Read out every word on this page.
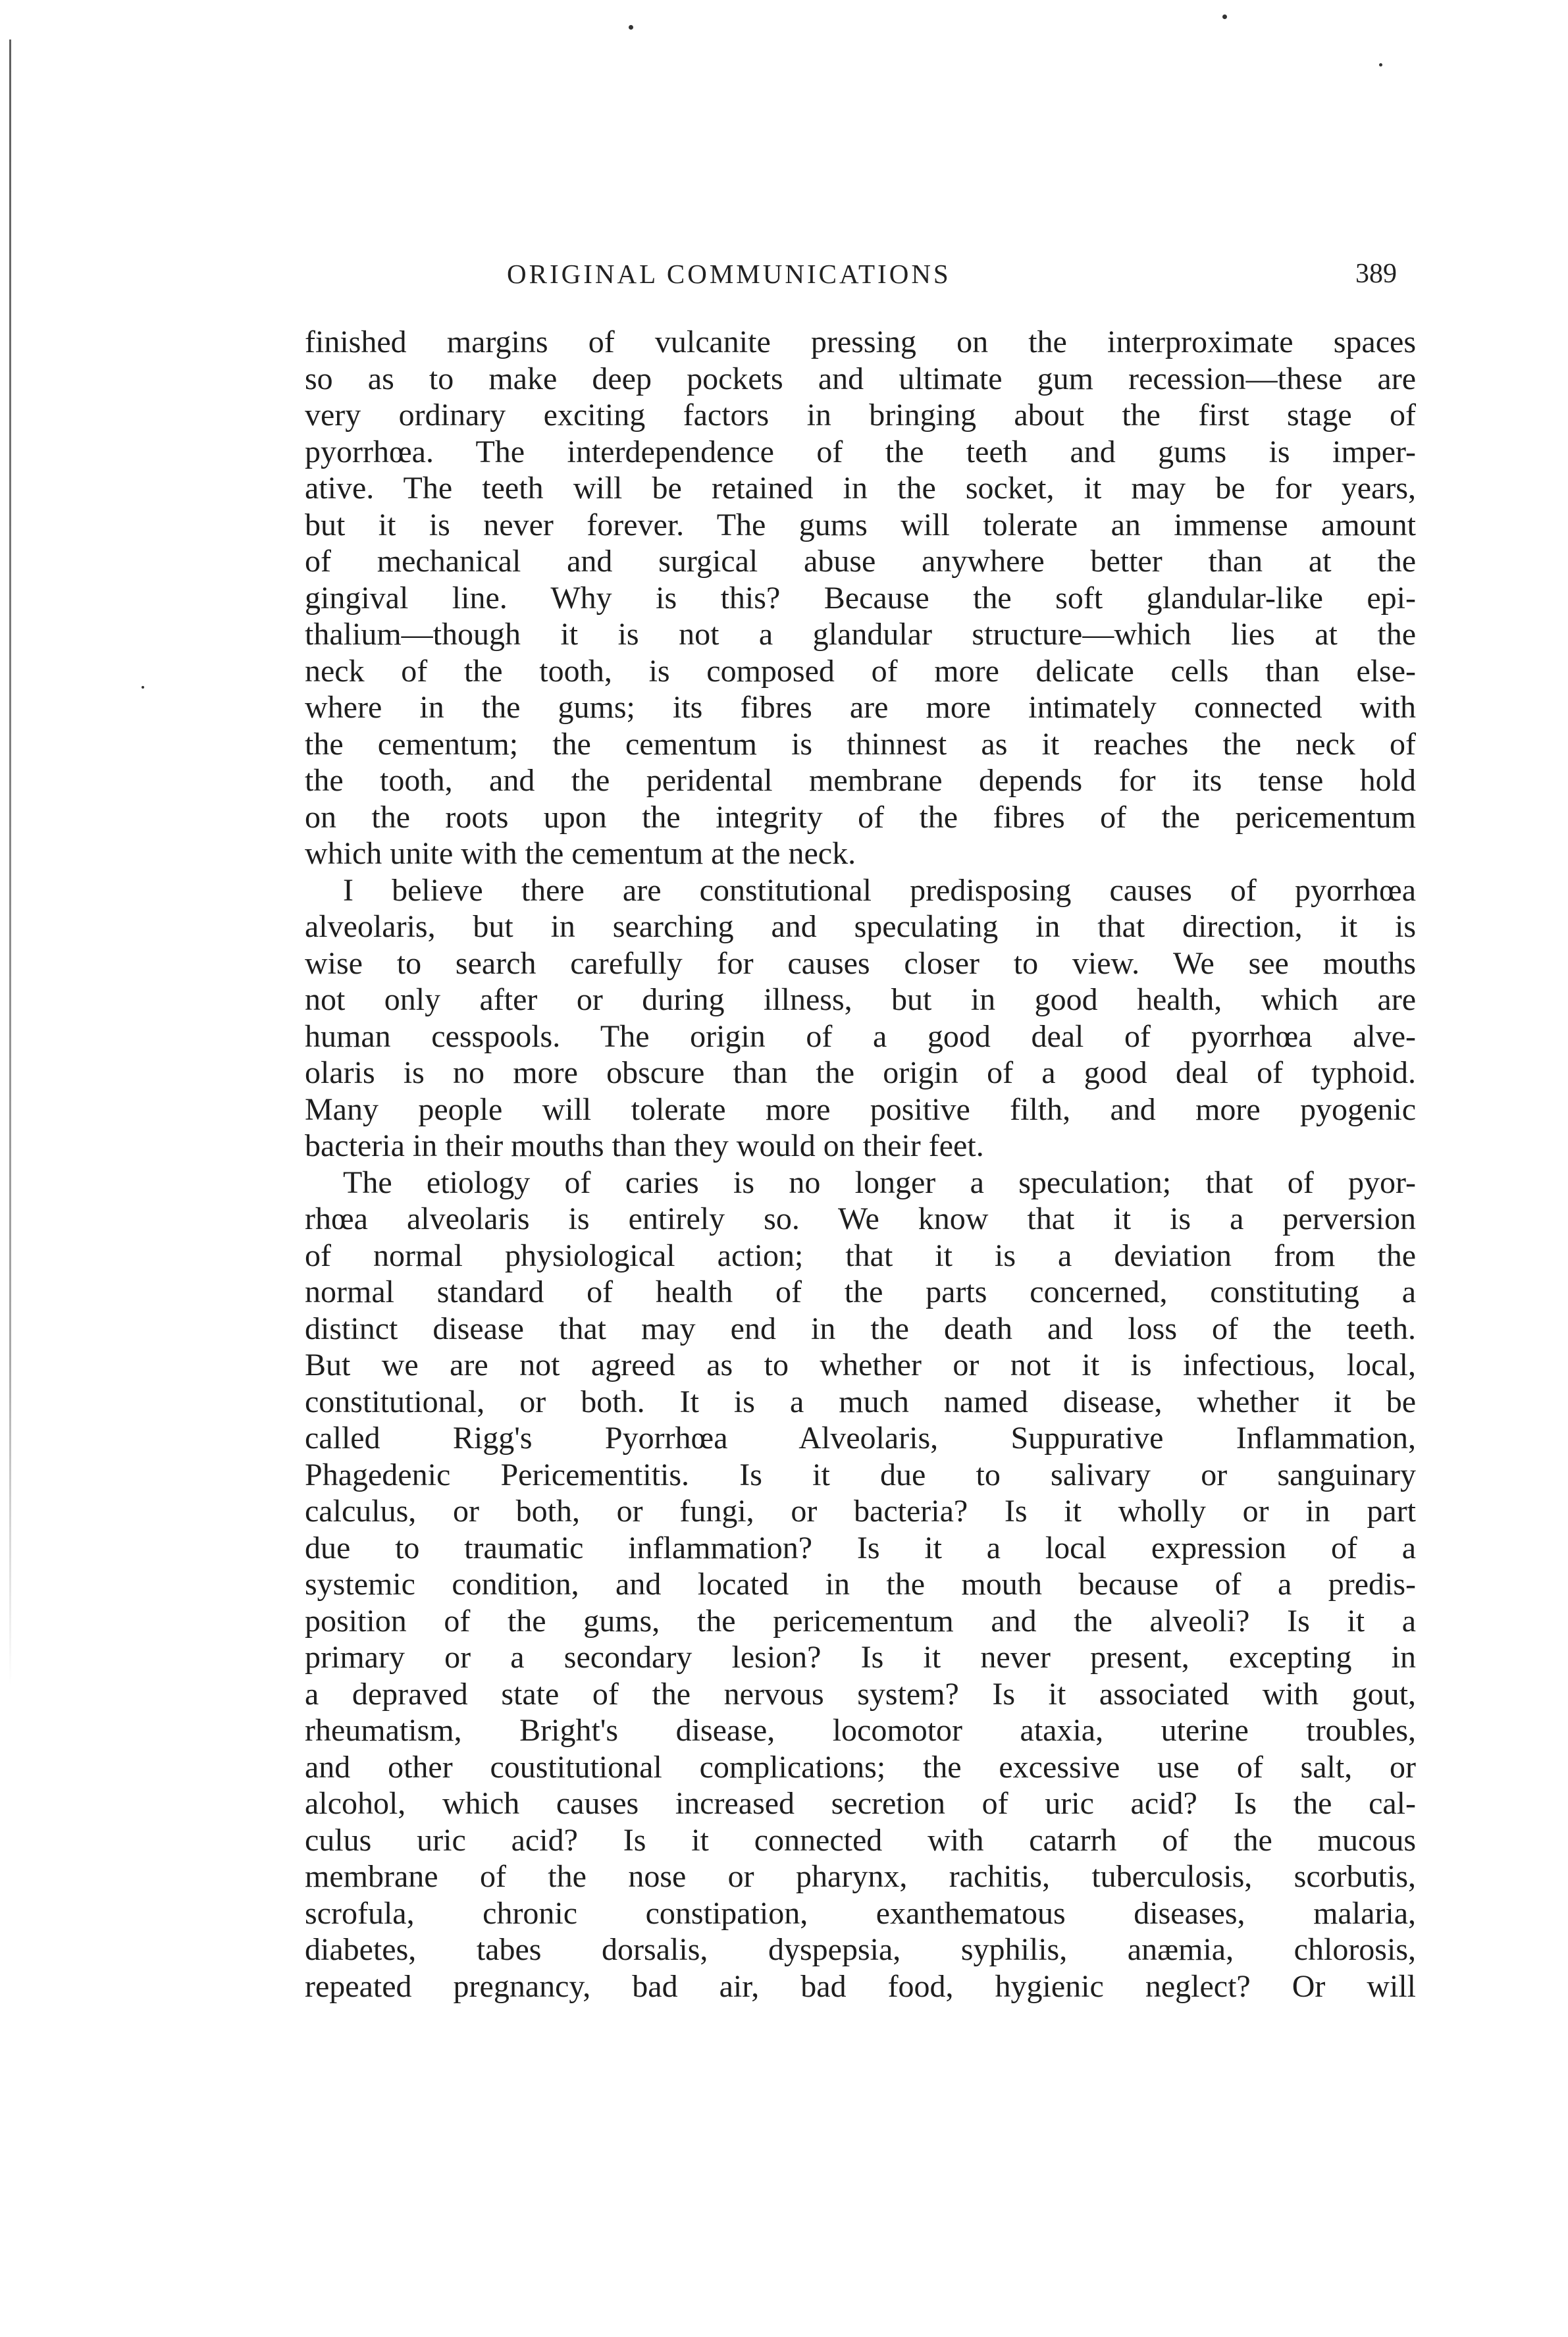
ORIGINAL COMMUNICATIONS	389
finished margins of vulcanite pressing on the interproximate spaces
so as to make deep pockets and ultimate gum recession—these are
very ordinary exciting factors in bringing about the first stage of
pyorrhœa. The interdependence of the teeth and gums is imper-
ative. The teeth will be retained in the socket, it may be for years,
but it is never forever. The gums will tolerate an immense amount
of mechanical and surgical abuse anywhere better than at the
gingival line. Why is this? Because the soft glandular-like epi-
thalium—though it is not a glandular structure—which lies at the
neck of the tooth, is composed of more delicate cells than else-
where in the gums; its fibres are more intimately connected with
the cementum; the cementum is thinnest as it reaches the neck of
the tooth, and the peridental membrane depends for its tense hold
on the roots upon the integrity of the fibres of the pericementum
which unite with the cementum at the neck.
I believe there are constitutional predisposing causes of pyorrhœa
alveolaris, but in searching and speculating in that direction, it is
wise to search carefully for causes closer to view. We see mouths
not only after or during illness, but in good health, which are
human cesspools. The origin of a good deal of pyorrhœa alve-
olaris is no more obscure than the origin of a good deal of typhoid.
Many people will tolerate more positive filth, and more pyogenic
bacteria in their mouths than they would on their feet.
The etiology of caries is no longer a speculation; that of pyor-
rhœa alveolaris is entirely so. We know that it is a perversion
of normal physiological action; that it is a deviation from the
normal standard of health of the parts concerned, constituting a
distinct disease that may end in the death and loss of the teeth.
But we are not agreed as to whether or not it is infectious, local,
constitutional, or both. It is a much named disease, whether it be
called Rigg's Pyorrhœa Alveolaris, Suppurative Inflammation,
Phagedenic Pericementitis. Is it due to salivary or sanguinary
calculus, or both, or fungi, or bacteria? Is it wholly or in part
due to traumatic inflammation? Is it a local expression of a
systemic condition, and located in the mouth because of a predis-
position of the gums, the pericementum and the alveoli? Is it a
primary or a secondary lesion? Is it never present, excepting in
a depraved state of the nervous system? Is it associated with gout,
rheumatism, Bright's disease, locomotor ataxia, uterine troubles,
and other coustitutional complications; the excessive use of salt, or
alcohol, which causes increased secretion of uric acid? Is the cal-
culus uric acid? Is it connected with catarrh of the mucous
membrane of the nose or pharynx, rachitis, tuberculosis, scorbutis,
scrofula, chronic constipation, exanthematous diseases, malaria,
diabetes, tabes dorsalis, dyspepsia, syphilis, anæmia, chlorosis,
repeated pregnancy, bad air, bad food, hygienic neglect? Or will
